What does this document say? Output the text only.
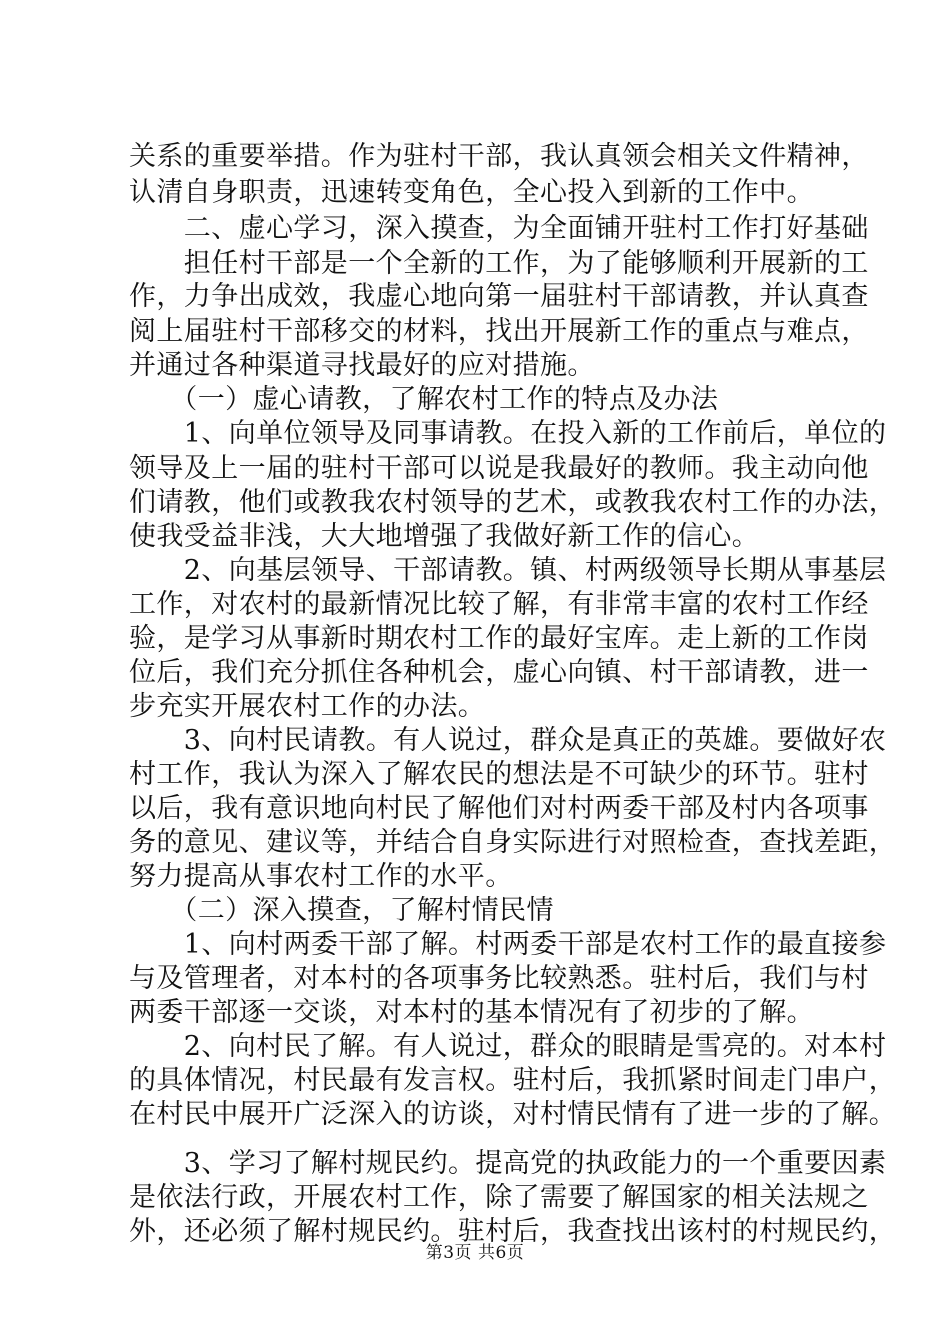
关系的重要举措。作为驻村干部，我认真领会相关文件精神，
认清自身职责，迅速转变角色，全心投入到新的工作中。
　　二、虚心学习，深入摸查，为全面铺开驻村工作打好基础
　　担任村干部是一个全新的工作，为了能够顺利开展新的工
作，力争出成效，我虚心地向第一届驻村干部请教，并认真查
阅上届驻村干部移交的材料，找出开展新工作的重点与难点，
并通过各种渠道寻找最好的应对措施。
　　（一）虚心请教，了解农村工作的特点及办法
　　1、向单位领导及同事请教。在投入新的工作前后，单位的
领导及上一届的驻村干部可以说是我最好的教师。我主动向他
们请教，他们或教我农村领导的艺术，或教我农村工作的办法，
使我受益非浅，大大地增强了我做好新工作的信心。
　　2、向基层领导、干部请教。镇、村两级领导长期从事基层
工作，对农村的最新情况比较了解，有非常丰富的农村工作经
验，是学习从事新时期农村工作的最好宝库。走上新的工作岗
位后，我们充分抓住各种机会，虚心向镇、村干部请教，进一
步充实开展农村工作的办法。
　　3、向村民请教。有人说过，群众是真正的英雄。要做好农
村工作，我认为深入了解农民的想法是不可缺少的环节。驻村
以后，我有意识地向村民了解他们对村两委干部及村内各项事
务的意见、建议等，并结合自身实际进行对照检查，查找差距，
努力提高从事农村工作的水平。
　　（二）深入摸查，了解村情民情
　　1、向村两委干部了解。村两委干部是农村工作的最直接参
与及管理者，对本村的各项事务比较熟悉。驻村后，我们与村
两委干部逐一交谈，对本村的基本情况有了初步的了解。
　　2、向村民了解。有人说过，群众的眼睛是雪亮的。对本村
的具体情况，村民最有发言权。驻村后，我抓紧时间走门串户，
在村民中展开广泛深入的访谈，对村情民情有了进一步的了解。
　　3、学习了解村规民约。提高党的执政能力的一个重要因素
是依法行政，开展农村工作，除了需要了解国家的相关法规之
外，还必须了解村规民约。驻村后，我查找出该村的村规民约，
第3页 共6页
